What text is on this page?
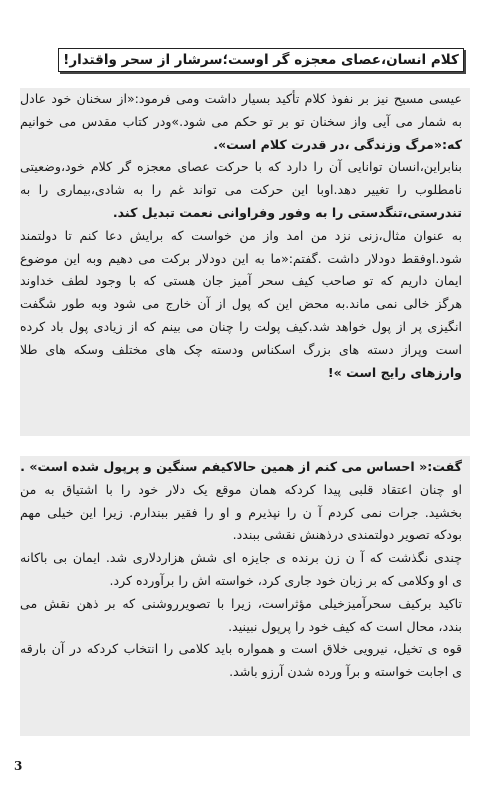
کلام انسان،عصای معجزه گر اوست؛سرشار از سحر واقتدار!
عیسی مسیح نیز بر نفوذ کلام تأکید بسیار داشت ومی فرمود:«از سخنان خود عادل
به شمار می آیی واز سخنان تو بر تو حکم می شود.»ودر کتاب مقدس می خوانیم
که:«مرگ وزندگی ،در قدرت کلام است».
بنابراین،انسان توانایی آن را دارد که با حرکت عصای معجزه گر کلام خود،وضعیتی
نامطلوب را تغییر دهد.اوبا این حرکت می تواند غم را به شادی،بیماری را به
تندرستی،تنگدستی را به وفور وفراوانی نعمت تبدیل کند.
به عنوان مثال،زنی نزد من امد واز من خواست که برایش دعا کنم تا دولتمند
شود.اوفقط دودلار داشت .گفتم:«ما به این دودلار برکت می دهیم وبه این موضوع
ایمان داریم که تو صاحب کیف سحر آمیز جان هستی که با وجود لطف خداوند
هرگز خالی نمی ماند.به محض این که پول از آن خارج می شود وبه طور شگفت
انگیزی پر از پول خواهد شد.کیف پولت را چنان می بینم که از زیادی پول باد کرده
است وپراز دسته های بزرگ اسکناس ودسته چک های مختلف وسکه های طلا
وارزهای رایج است »!
گفت:« احساس می کنم از همین حالاکیفم سنگین و پرپول شده است» .
او چنان اعتقاد قلبی پیدا کردکه همان موقع یک دلار خود را با اشتیاق به من
بخشید. جرات نمی کردم آ ن را نپذیرم و او را فقیر ببندارم. زیرا این خیلی مهم
بودکه تصویر دولتمندی درذهنش نقشی ببندد.
چندی نگذشت که آ ن زن برنده ی جایزه ای شش هزاردلاری شد. ایمان بی باکانه
ی او وکلامی که بر زبان خود جاری کرد، خواسته اش را برآورده کرد.
تاکید برکیف سحرآمیزخیلی مؤثراست، زیرا با تصویرروشنی که بر ذهن نقش می
بندد، محال است که کیف خود را پرپول نبینید.
قوه ی تخیل، نیرویی خلاق است و همواره باید کلامی را انتخاب کردکه در آن بارقه
ی اجابت خواسته و برآ ورده شدن آرزو باشد.
3
